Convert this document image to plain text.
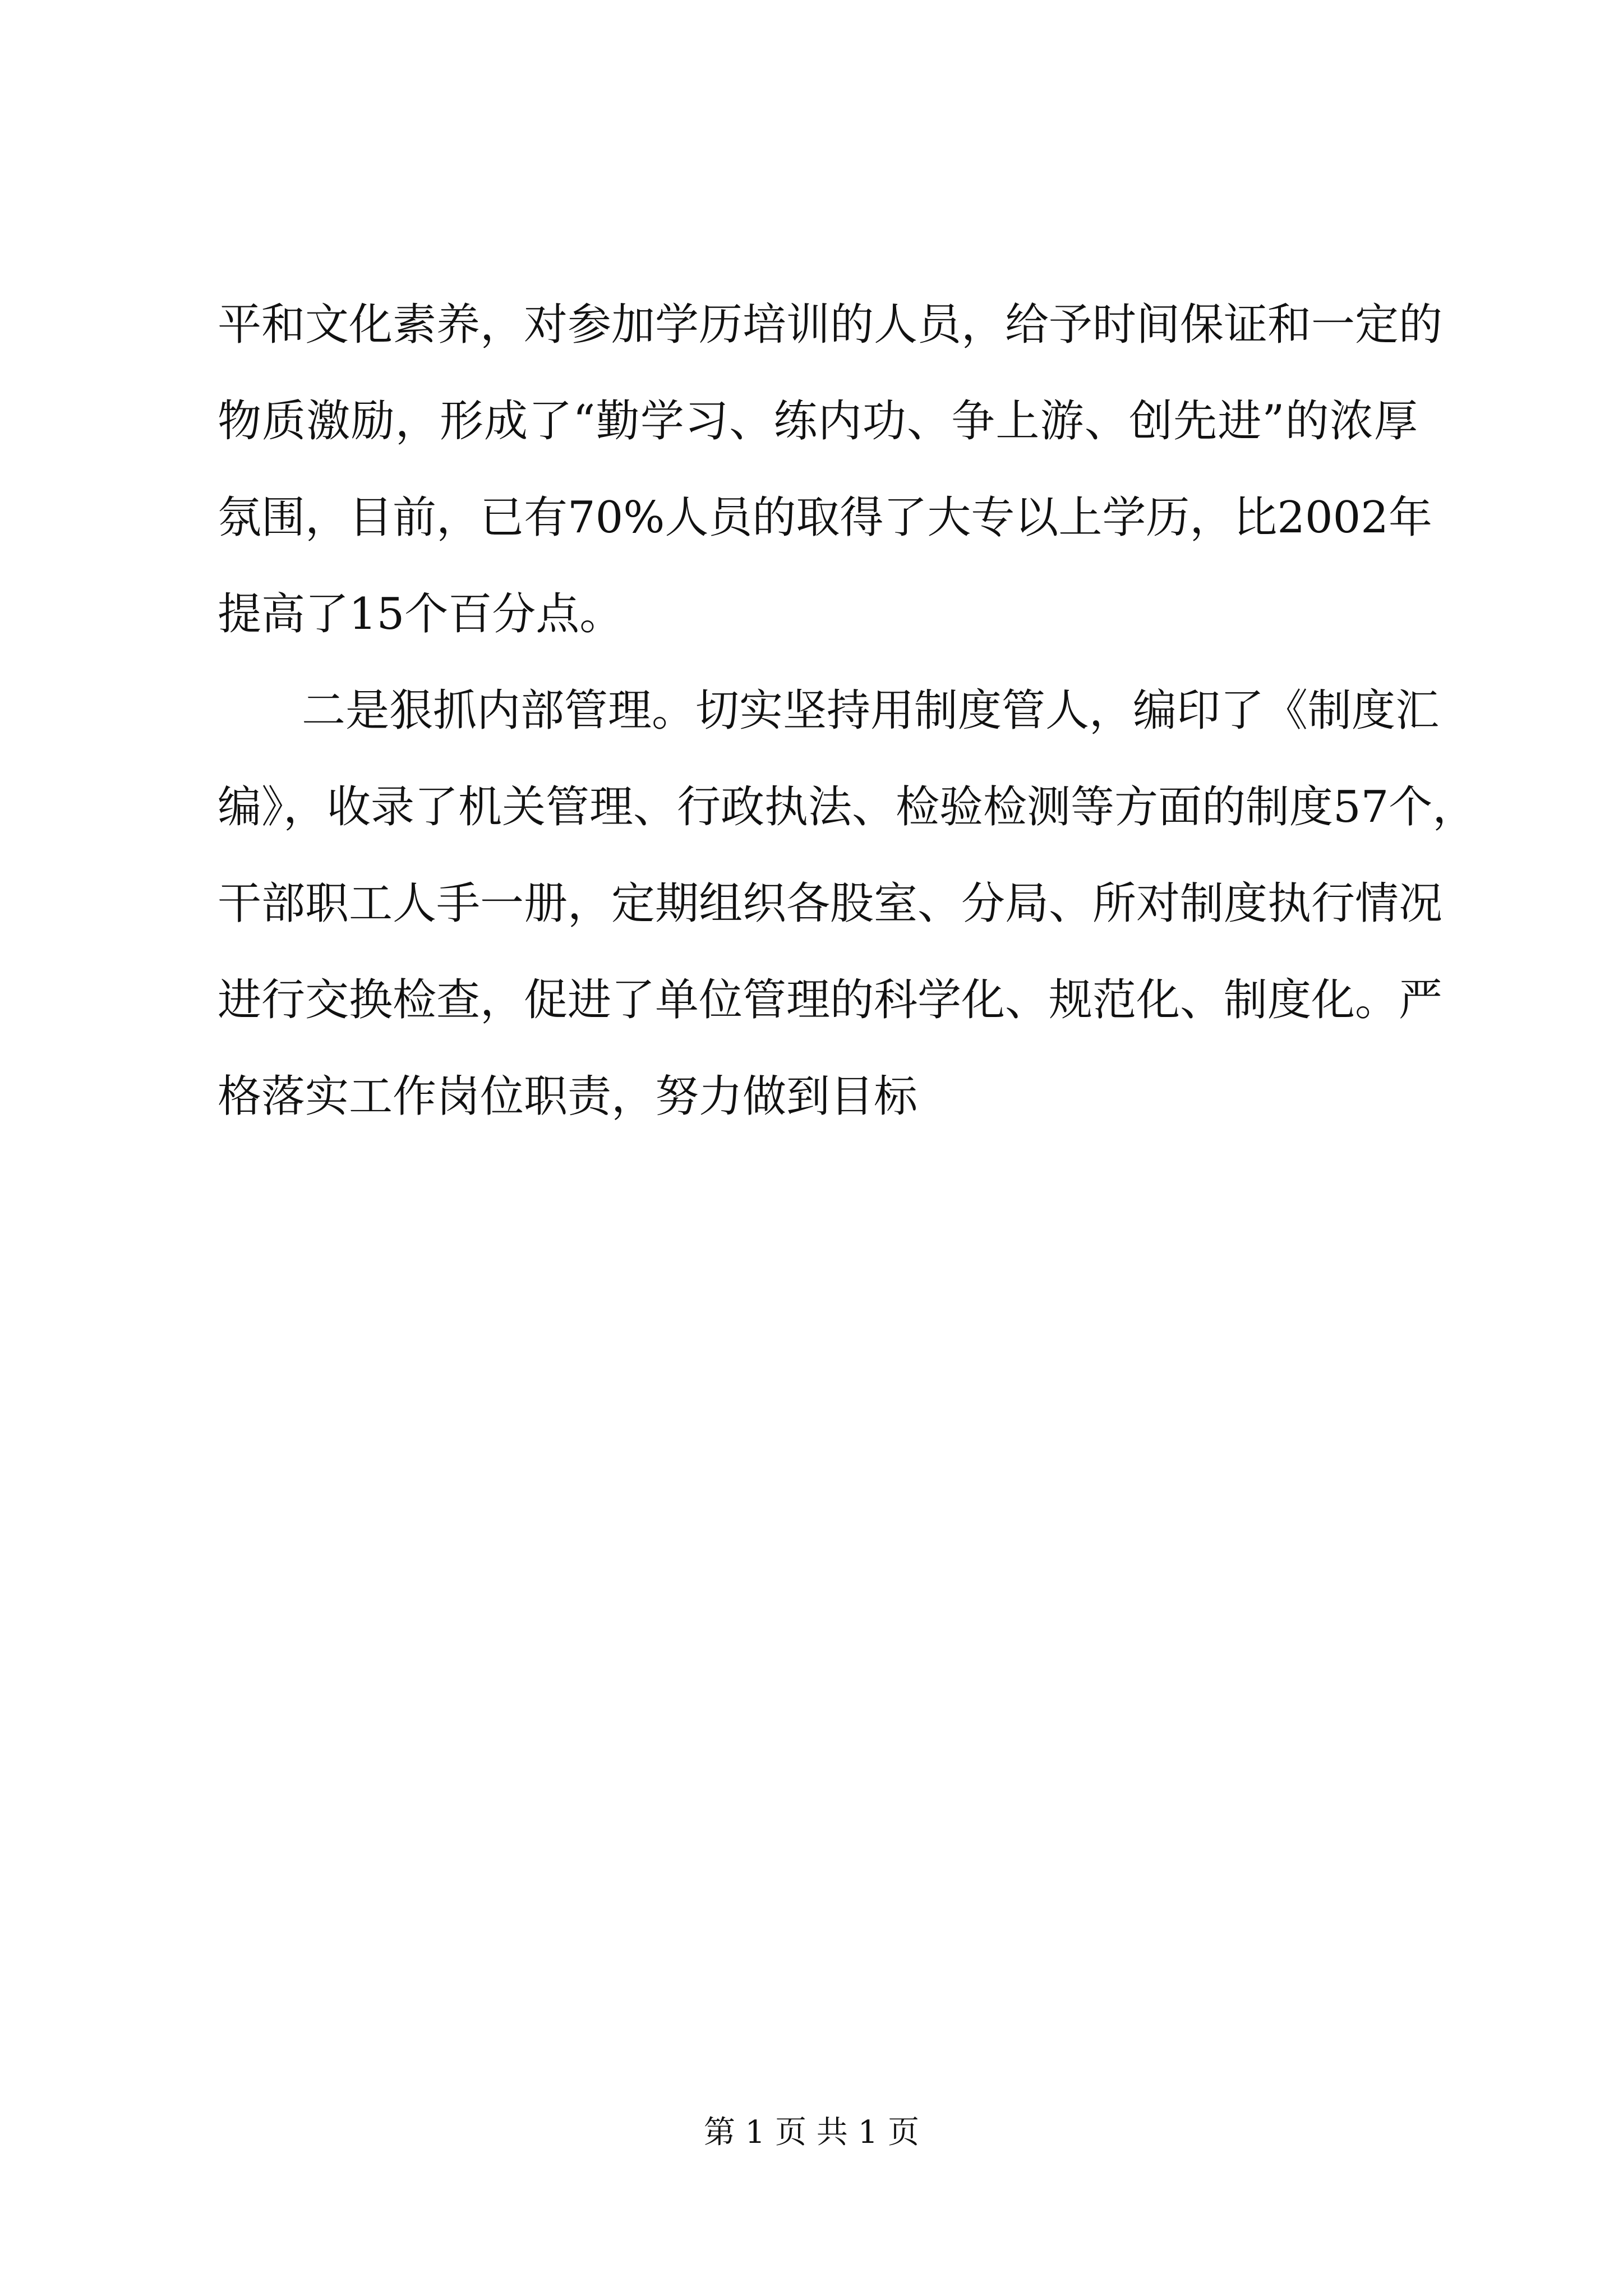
平和文化素养，对参加学历培训的人员，给予时间保证和一定的
物质激励，形成了“勤学习、练内功、争上游、创先进”的浓厚
氛围，目前，已有70%人员的取得了大专以上学历，比2002年
提高了15个百分点。
二是狠抓内部管理。切实坚持用制度管人，编印了《制度汇
编》，收录了机关管理、行政执法、检验检测等方面的制度57个，
干部职工人手一册，定期组织各股室、分局、所对制度执行情况
进行交换检查，促进了单位管理的科学化、规范化、制度化。严
格落实工作岗位职责，努力做到目标
第 1 页 共 1 页
